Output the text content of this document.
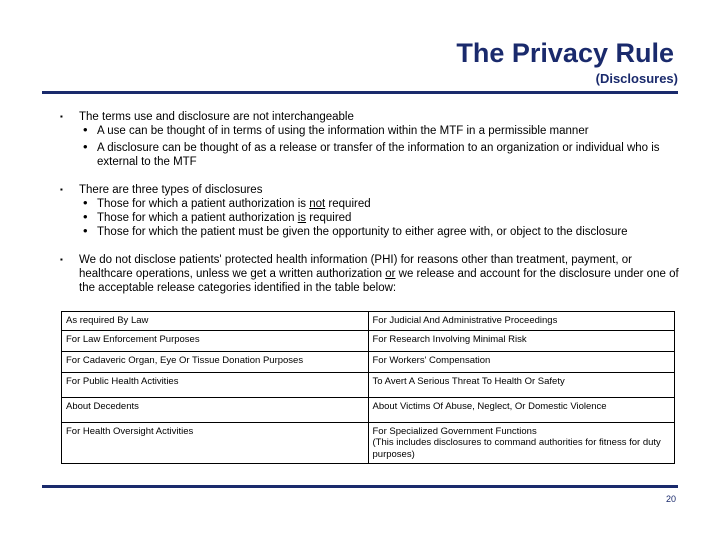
The Privacy Rule
(Disclosures)
▪ The terms use and disclosure are not interchangeable
• A use can be thought of in terms of using the information within the MTF in a permissible manner
• A disclosure can be thought of as a release or transfer of the information to an organization or individual who is external to the MTF
▪ There are three types of disclosures
• Those for which a patient authorization is not required
• Those for which a patient authorization is required
• Those for which the patient must be given the opportunity to either agree with, or object to the disclosure
▪ We do not disclose patients' protected health information (PHI) for reasons other than treatment, payment, or healthcare operations, unless we get a written authorization or we release and account for the disclosure under one of the acceptable release categories identified in the table below:
As required By Law	For Judicial And Administrative Proceedings
For Law Enforcement Purposes	For Research Involving Minimal Risk
For Cadaveric Organ, Eye Or Tissue Donation Purposes	For Workers' Compensation
For Public Health Activities	To Avert A Serious Threat To Health Or Safety
About Decedents	About Victims Of Abuse, Neglect, Or Domestic Violence
For Health Oversight Activities	For Specialized Government Functions
(This includes disclosures to command authorities for fitness for duty purposes)
20
